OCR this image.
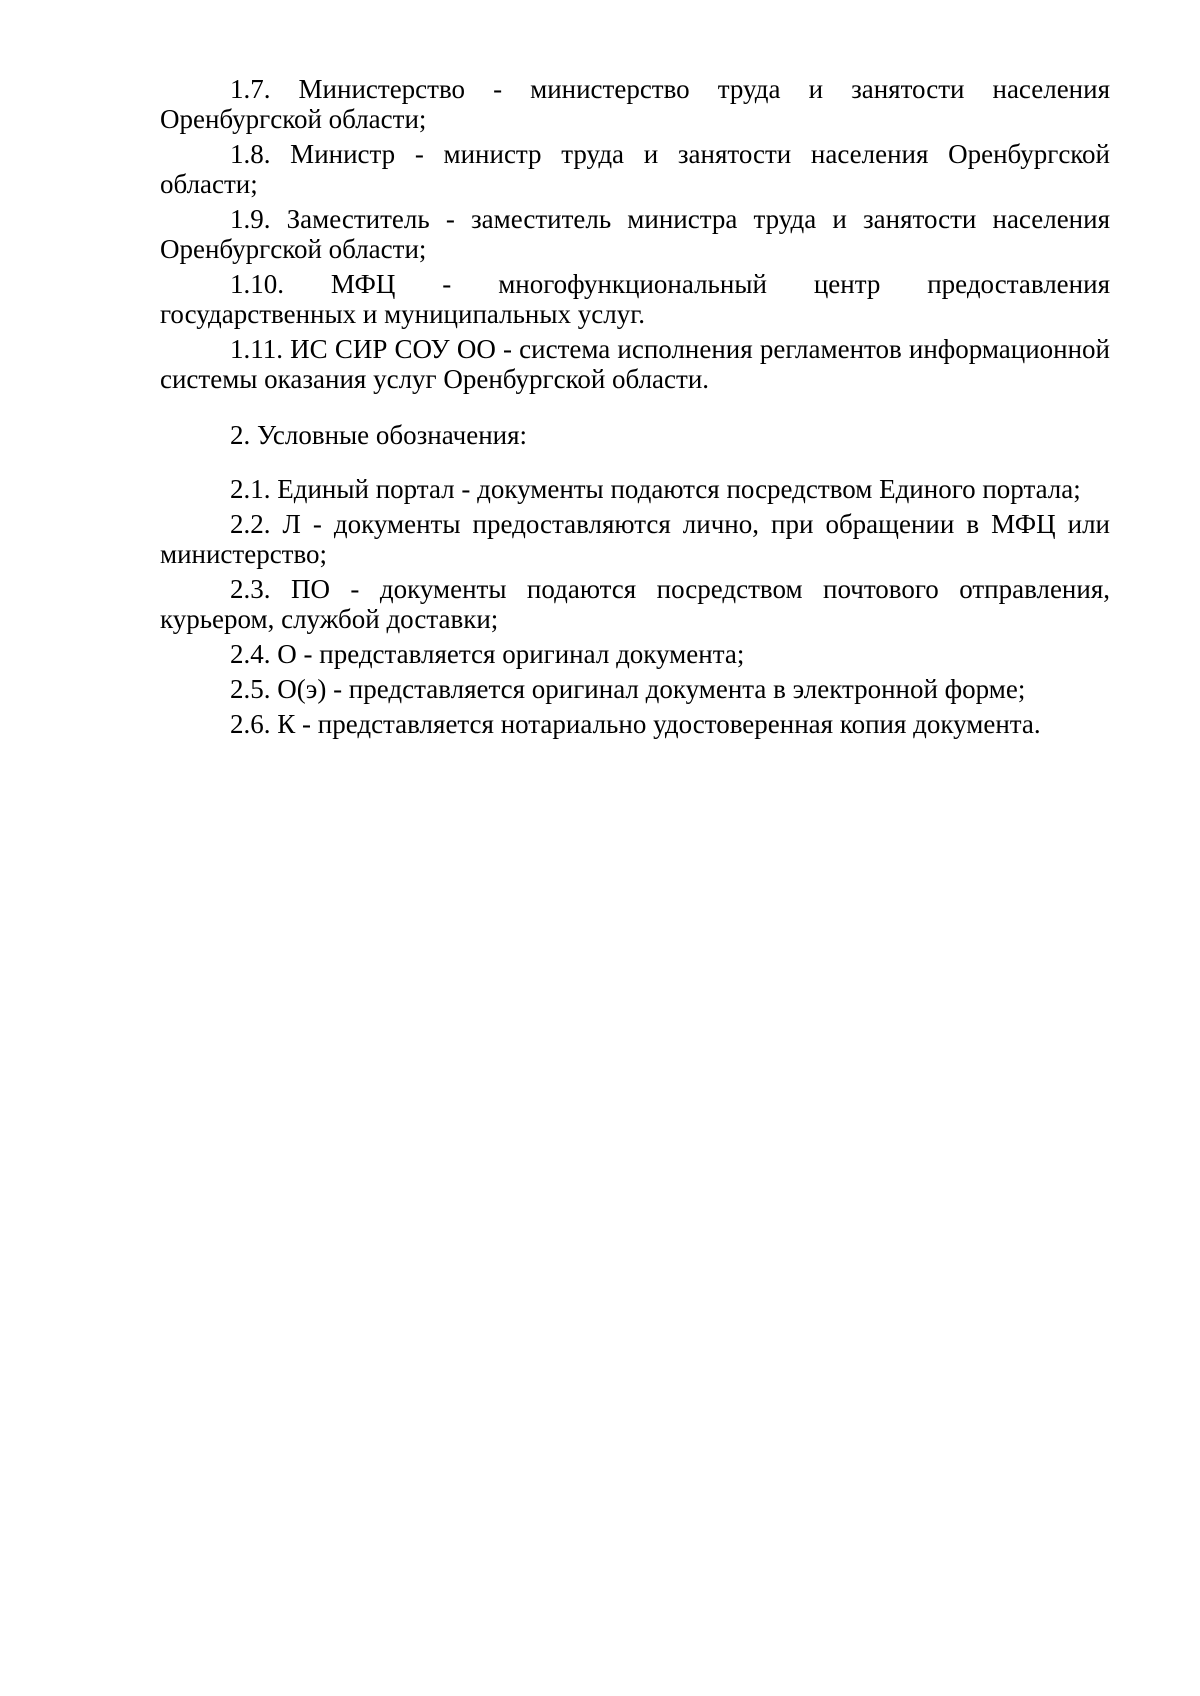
1.7. Министерство - министерство труда и занятости населения Оренбургской области;

1.8. Министр - министр труда и занятости населения Оренбургской области;

1.9. Заместитель - заместитель министра труда и занятости населения Оренбургской области;

1.10. МФЦ - многофункциональный центр предоставления государственных и муниципальных услуг.

1.11. ИС СИР СОУ ОО - система исполнения регламентов информационной системы оказания услуг Оренбургской области.

2. Условные обозначения:

2.1. Единый портал - документы подаются посредством Единого портала;

2.2. Л - документы предоставляются лично, при обращении в МФЦ или министерство;

2.3. ПО - документы подаются посредством почтового отправления, курьером, службой доставки;

2.4. О - представляется оригинал документа;

2.5. О(э) - представляется оригинал документа в электронной форме;

2.6. К - представляется нотариально удостоверенная копия документа.
